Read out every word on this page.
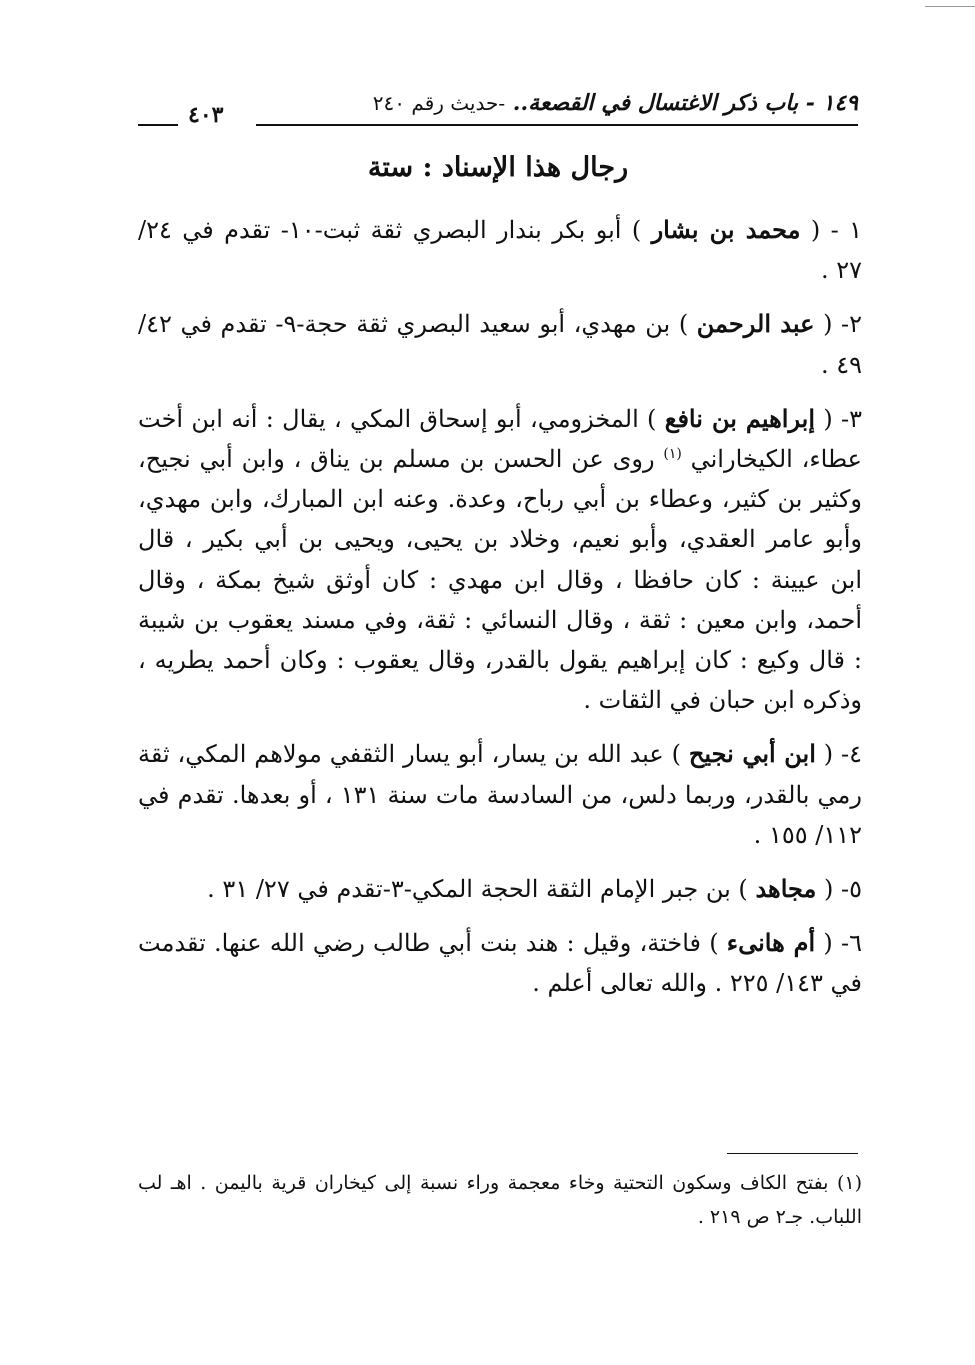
٤٠٣	١٤٩ - باب ذكر الاغتسال في القصعة.. -حديث رقم ٢٤٠
رجال هذا الإسناد : ستة

١ - ( محمد بن بشار ) أبو بكر بندار البصري ثقة ثبت-١٠- تقدم في ٢٤/ ٢٧ .

٢- ( عبد الرحمن ) بن مهدي، أبو سعيد البصري ثقة حجة-٩- تقدم في ٤٢/ ٤٩ .

٣- ( إبراهيم بن نافع ) المخزومي، أبو إسحاق المكي ، يقال : أنه ابن أخت عطاء، الكيخاراني $^{(١)}$ روى عن الحسن بن مسلم بن يناق ، وابن أبي نجيح، وكثير بن كثير، وعطاء بن أبي رباح، وعدة. وعنه ابن المبارك، وابن مهدي، وأبو عامر العقدي، وأبو نعيم، وخلاد بن يحيى، ويحيى بن أبي بكير ، قال ابن عيينة : كان حافظا ، وقال ابن مهدي : كان أوثق شيخ بمكة ، وقال أحمد، وابن معين : ثقة ، وقال النسائي : ثقة، وفي مسند يعقوب بن شيبة : قال وكيع : كان إبراهيم يقول بالقدر، وقال يعقوب : وكان أحمد يطريه ، وذكره ابن حبان في الثقات .

٤- ( ابن أبي نجيح ) عبد الله بن يسار، أبو يسار الثقفي مولاهم المكي، ثقة رمي بالقدر، وربما دلس، من السادسة مات سنة ١٣١ ، أو بعدها. تقدم في ١١٢/ ١٥٥ .

٥- ( مجاهد ) بن جبر الإمام الثقة الحجة المكي-٣-تقدم في ٢٧/ ٣١ .

٦- ( أم هانىء ) فاختة، وقيل : هند بنت أبي طالب رضي الله عنها. تقدمت في ١٤٣/ ٢٢٥ . والله تعالى أعلم .

(١) بفتح الكاف وسكون التحتية وخاء معجمة وراء نسبة إلى كيخاران قرية باليمن . اهـ لب اللباب. جـ٢ ص ٢١٩ .
